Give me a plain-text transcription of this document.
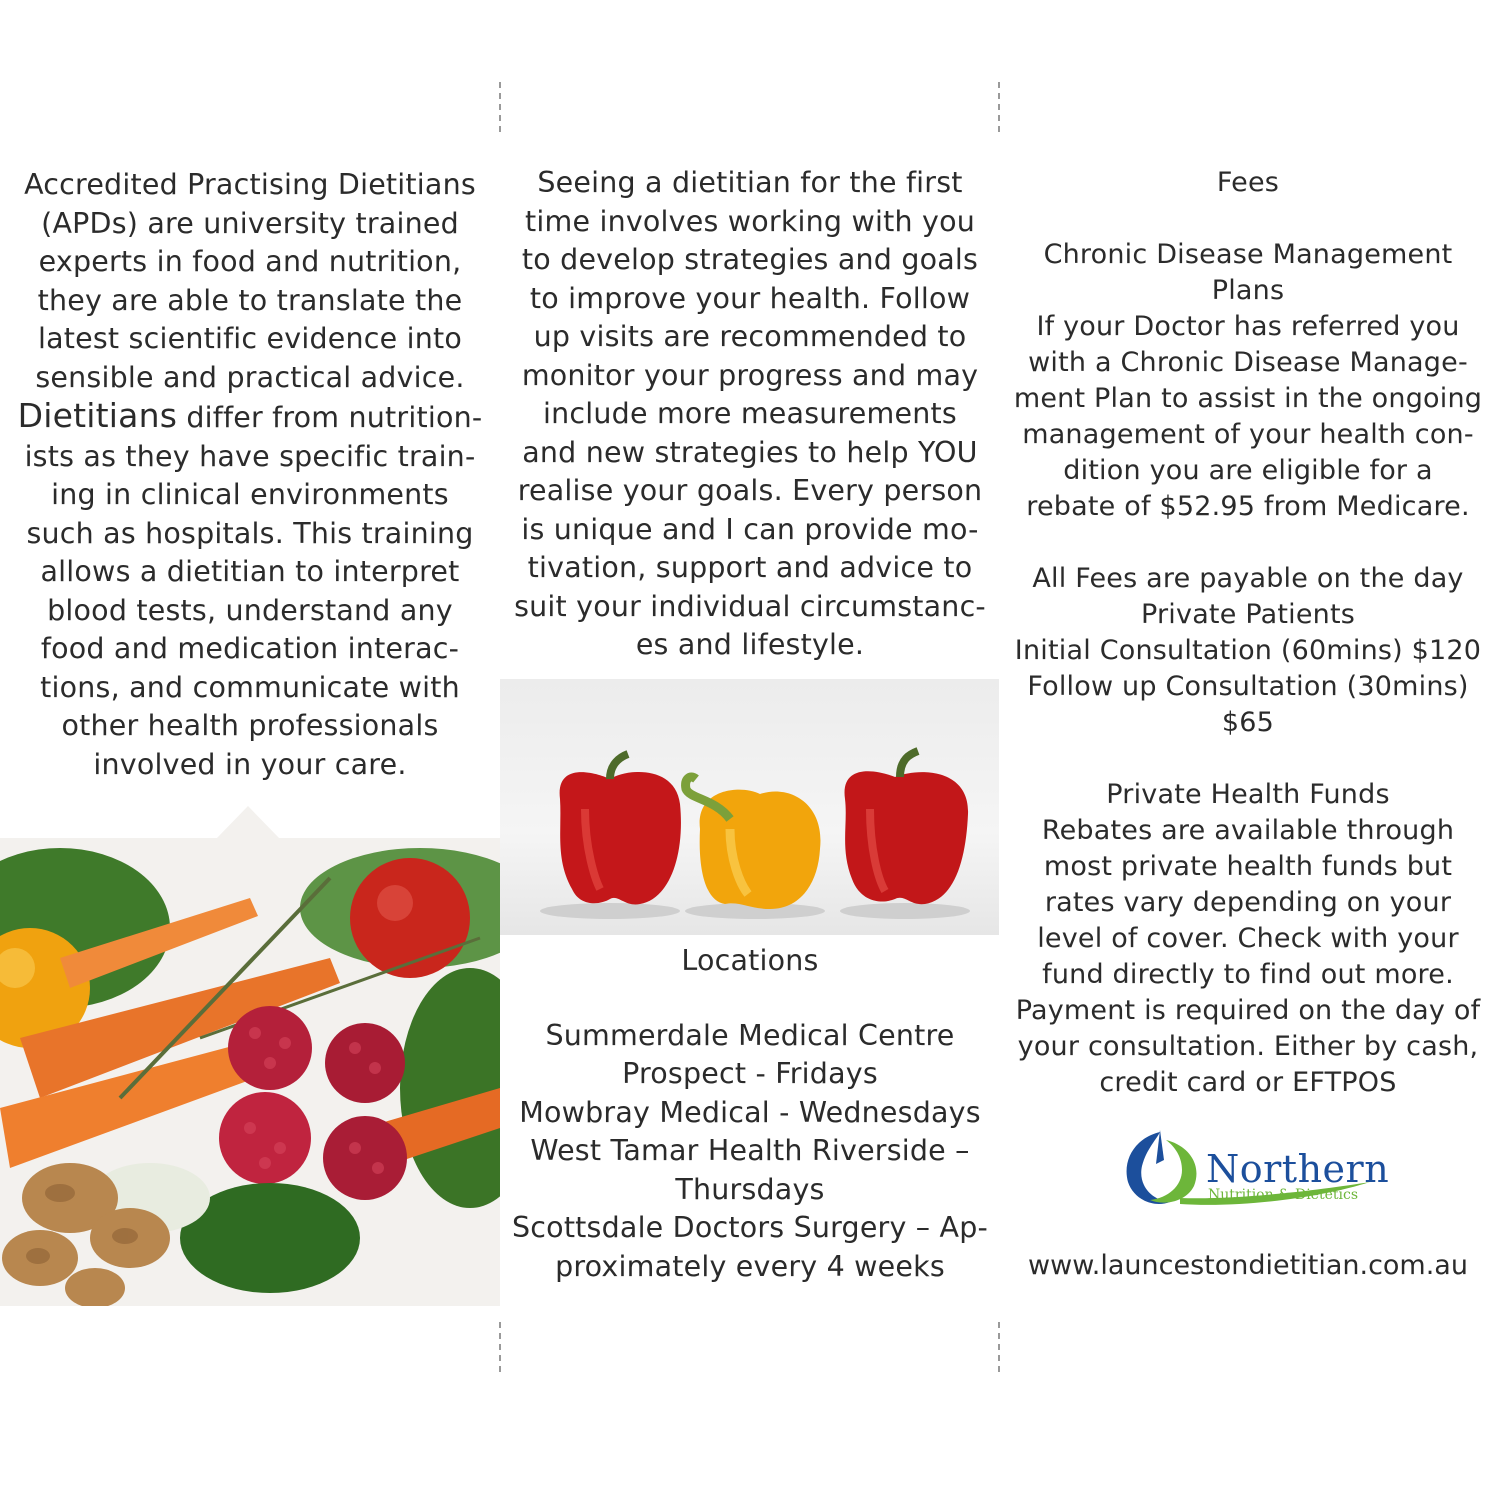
Accredited Practising Dietitians

(APDs) are university trained

experts in food and nutrition,

they are able to translate the

latest scientific evidence into

sensible and practical advice.

Dietitians differ from nutrition-

ists as they have specific train-

ing in clinical environments

such as hospitals. This training

allows a dietitian to interpret

blood tests, understand any

food and medication interac-

tions, and communicate with

other health professionals

involved in your care.

Seeing a dietitian for the first

time involves working with you

to develop strategies and goals

to improve your health. Follow

up visits are recommended to

monitor your progress and may

include more measurements

and new strategies to help YOU

realise your goals. Every person

is unique and I can provide mo-

tivation, support and advice to

suit your individual circumstanc-

es and lifestyle.

Locations

Summerdale Medical Centre

Prospect - Fridays

Mowbray Medical - Wednesdays

West Tamar Health Riverside –

Thursdays

Scottsdale Doctors Surgery – Ap-

proximately every 4 weeks

Fees

Chronic Disease Management

Plans

If your Doctor has referred you

with a Chronic Disease Manage-

ment Plan to assist in the ongoing

management of your health con-

dition you are eligible for a

rebate of $52.95 from Medicare.

All Fees are payable on the day

Private Patients

Initial Consultation (60mins) $120

Follow up Consultation (30mins)

$65

Private Health Funds

Rebates are available through

most private health funds but

rates vary depending on your

level of cover. Check with your

fund directly to find out more.

Payment is required on the day of

your consultation. Either by cash,

credit card or EFTPOS

Northern
Nutrition & Dietetics
www.launcestondietitian.com.au
